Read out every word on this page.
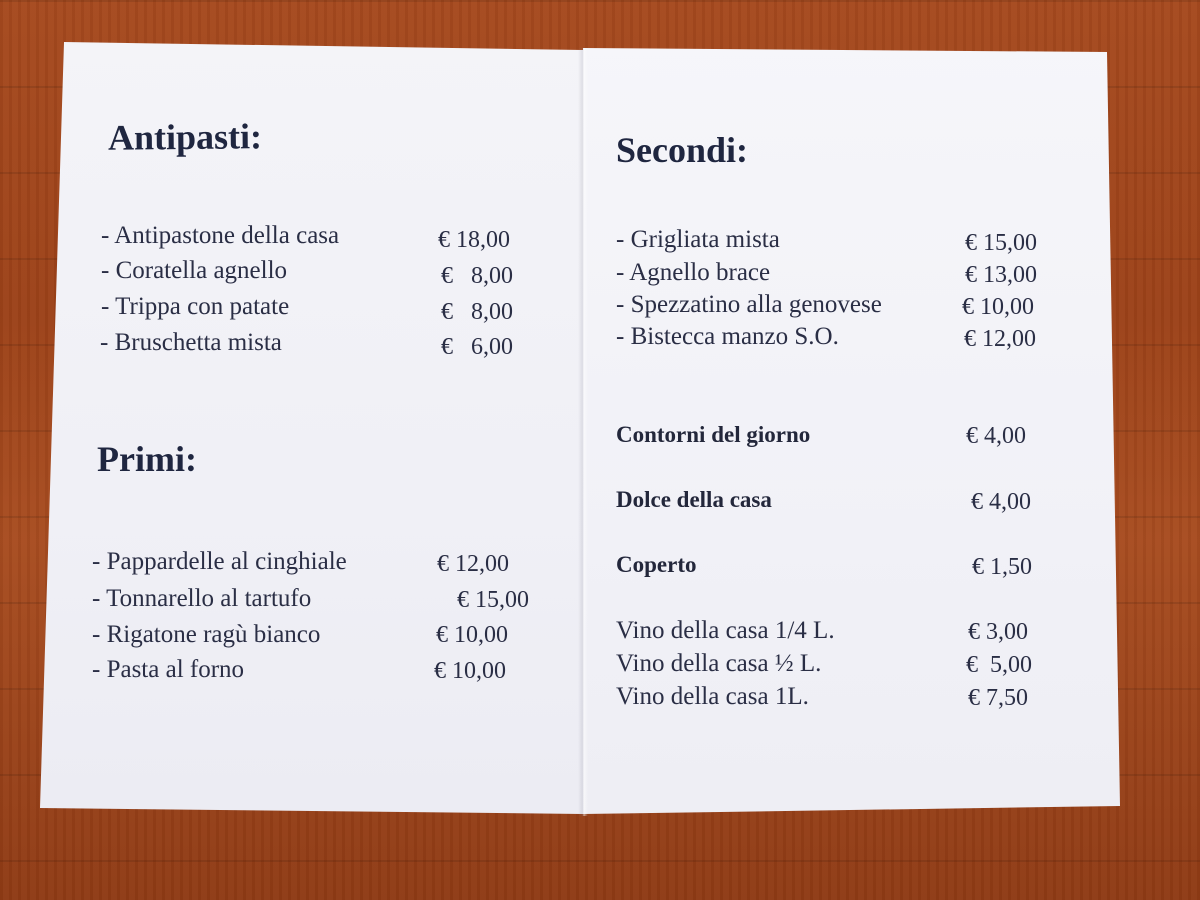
Antipasti:
- Antipastone della casa	€ 18,00
- Coratella agnello	€   8,00
- Trippa con patate	€   8,00
- Bruschetta mista	€   6,00
Primi:
- Pappardelle al cinghiale	€ 12,00
- Tonnarello al tartufo	€ 15,00
- Rigatone ragù bianco	€ 10,00
- Pasta al forno	€ 10,00
Secondi:
- Grigliata mista	€ 15,00
- Agnello brace	€ 13,00
- Spezzatino alla genovese	€ 10,00
- Bistecca manzo S.O.	€ 12,00
Contorni del giorno	€ 4,00
Dolce della casa	€ 4,00
Coperto	€ 1,50
Vino della casa 1/4 L.	€ 3,00
Vino della casa ½ L.	€  5,00
Vino della casa 1L.	€ 7,50
